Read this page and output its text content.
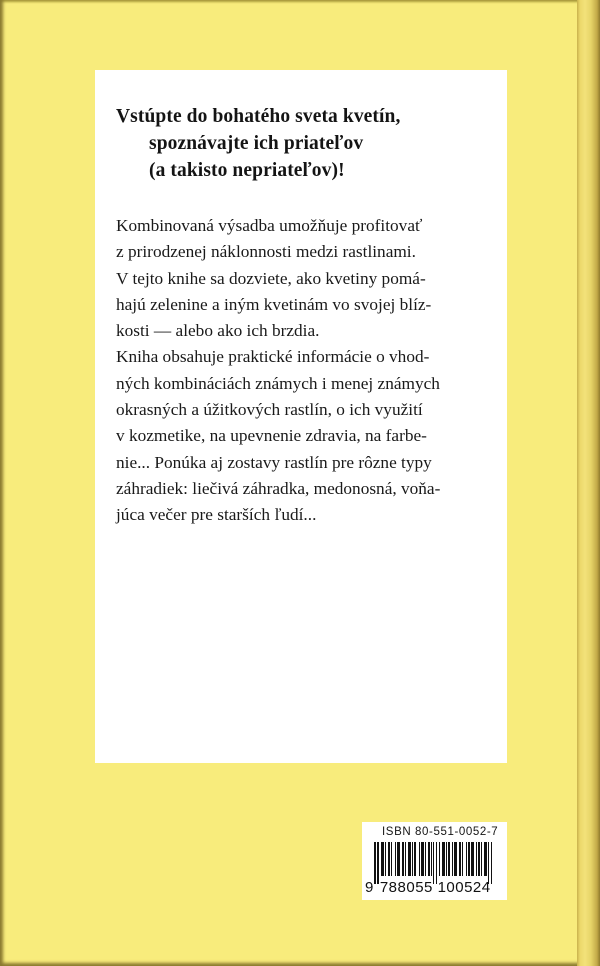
Vstúpte do bohatého sveta kvetín,
spoznávajte ich priateľov
(a takisto nepriateľov)!
Kombinovaná výsadba umožňuje profitovať
z prirodzenej náklonnosti medzi rastlinami.
V tejto knihe sa dozviete, ako kvetiny pomá-
hajú zelenine a iným kvetinám vo svojej blíz-
kosti — alebo ako ich brzdia.
Kniha obsahuje praktické informácie o vhod-
ných kombináciách známych i menej známych
okrasných a úžitkových rastlín, o ich využití
v kozmetike, na upevnenie zdravia, na farbe-
nie... Ponúka aj zostavy rastlín pre rôzne typy
záhradiek: liečivá záhradka, medonosná, voňa-
júca večer pre starších ľudí...
ISBN 80-551-0052-7
9 788055 100524
